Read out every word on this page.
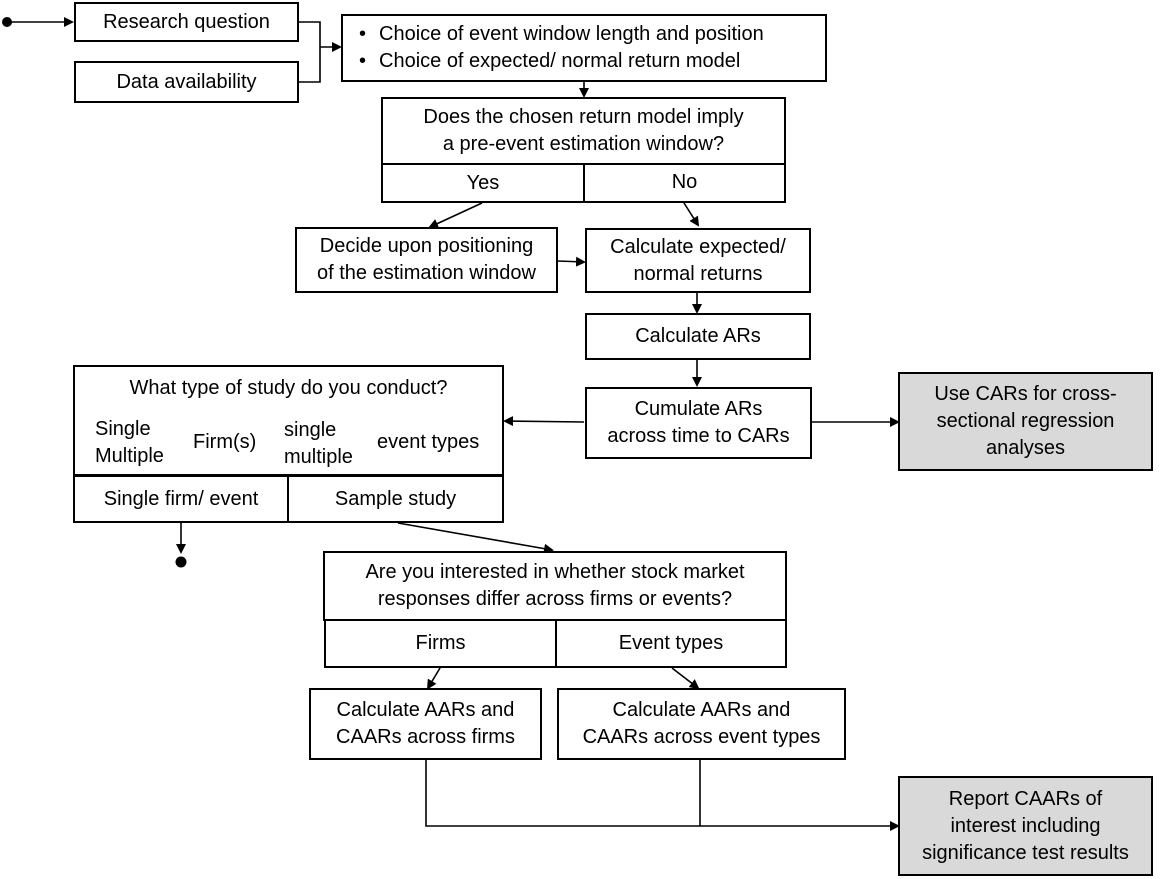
Research question
Data availability
• Choice of event window length and position
• Choice of expected/ normal return model
Does the chosen return model imply
a pre-event estimation window?
Yes	No
Decide upon positioning
of the estimation window
Calculate expected/
normal returns
Calculate ARs
Cumulate ARs
across time to CARs
Use CARs for cross-
sectional regression
analyses
What type of study do you conduct?
Single
Multiple
Firm(s)
single
multiple
event types
Single firm/ event	Sample study
Are you interested in whether stock market
responses differ across firms or events?
Firms	Event types
Calculate AARs and
CAARs across firms
Calculate AARs and
CAARs across event types
Report CAARs of
interest including
significance test results
